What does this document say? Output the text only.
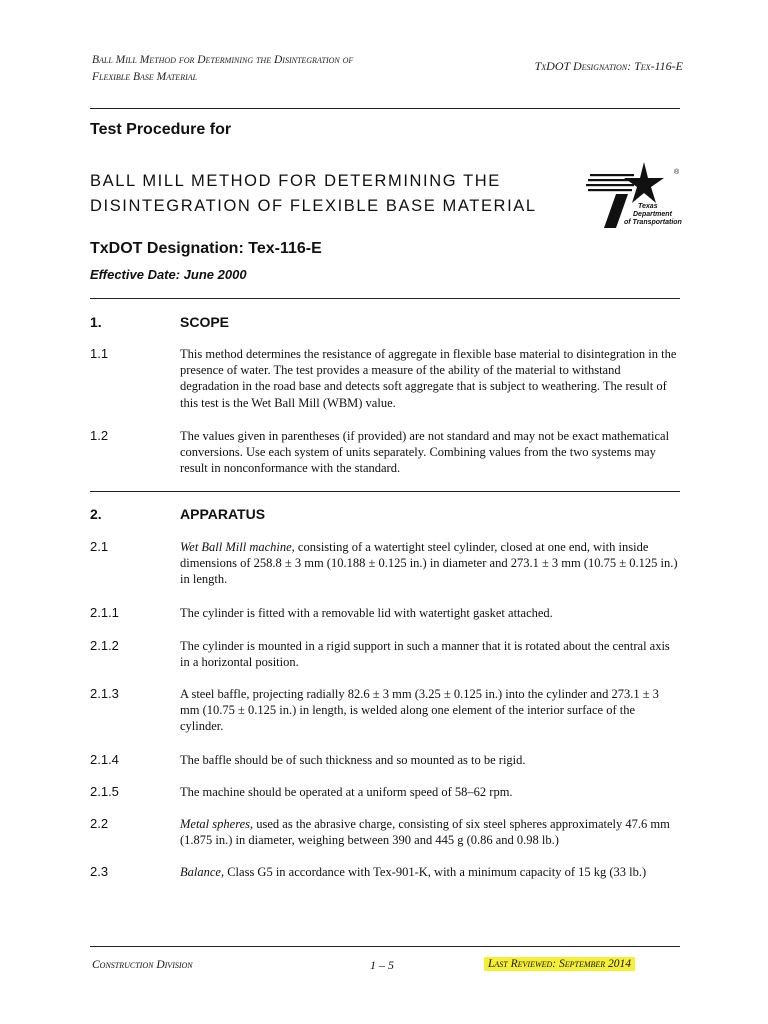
Ball Mill Method for Determining the Disintegration of
Flexible Base Material
TxDOT Designation: Tex-116-E
Test Procedure for
BALL MILL METHOD FOR DETERMINING THE
DISINTEGRATION OF FLEXIBLE BASE MATERIAL
TxDOT Designation: Tex-116-E
Effective Date: June 2000
®
Texas
Department
of Transportation
1.	SCOPE
1.1	This method determines the resistance of aggregate in flexible base material to disintegration in the presence of water. The test provides a measure of the ability of the material to withstand degradation in the road base and detects soft aggregate that is subject to weathering. The result of this test is the Wet Ball Mill (WBM) value.
1.2	The values given in parentheses (if provided) are not standard and may not be exact mathematical conversions. Use each system of units separately. Combining values from the two systems may result in nonconformance with the standard.
2.	APPARATUS
2.1	Wet Ball Mill machine, consisting of a watertight steel cylinder, closed at one end, with inside dimensions of 258.8 ± 3 mm (10.188 ± 0.125 in.) in diameter and 273.1 ± 3 mm (10.75 ± 0.125 in.) in length.
2.1.1	The cylinder is fitted with a removable lid with watertight gasket attached.
2.1.2	The cylinder is mounted in a rigid support in such a manner that it is rotated about the central axis in a horizontal position.
2.1.3	A steel baffle, projecting radially 82.6 ± 3 mm (3.25 ± 0.125 in.) into the cylinder and 273.1 ± 3 mm (10.75 ± 0.125 in.) in length, is welded along one element of the interior surface of the cylinder.
2.1.4	The baffle should be of such thickness and so mounted as to be rigid.
2.1.5	The machine should be operated at a uniform speed of 58–62 rpm.
2.2	Metal spheres, used as the abrasive charge, consisting of six steel spheres approximately 47.6 mm (1.875 in.) in diameter, weighing between 390 and 445 g (0.86 and 0.98 lb.)
2.3	Balance, Class G5 in accordance with Tex-901-K, with a minimum capacity of 15 kg (33 lb.)
Construction Division	1 – 5	Last Reviewed: September 2014
